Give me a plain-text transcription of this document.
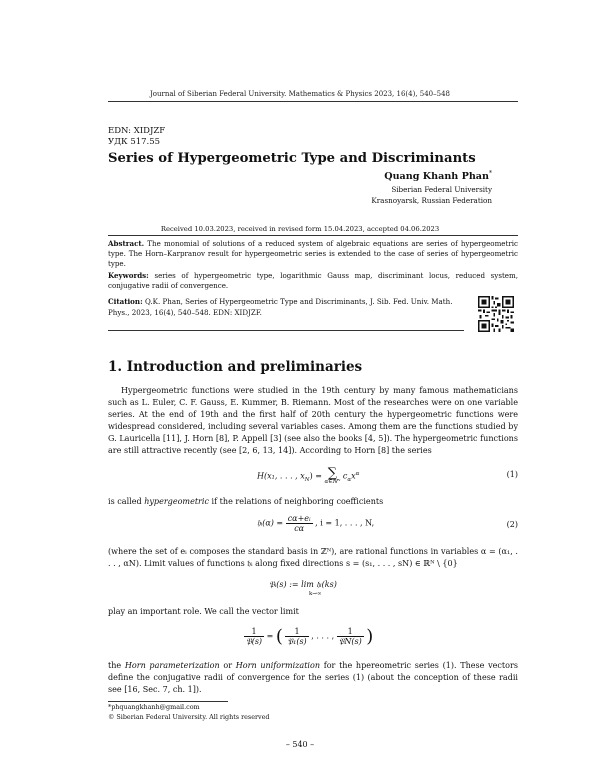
Journal of Siberian Federal University. Mathematics & Physics 2023, 16(4), 540–548
EDN: XIDJZF
УДК 517.55
Series of Hypergeometric Type and Discriminants
Quang Khanh Phan*
Siberian Federal University
Krasnoyarsk, Russian Federation
Received 10.03.2023, received in revised form 15.04.2023, accepted 04.06.2023
Abstract. The monomial of solutions of a reduced system of algebraic equations are series of hypergeometric type. The Horn–Karpranov result for hypergeometric series is extended to the case of series of hypergeometric type.
Keywords: series of hypergeometric type, logarithmic Gauss map, discriminant locus, reduced system, conjugative radii of convergence.
Citation: Q.K. Phan, Series of Hypergeometric Type and Discriminants, J. Sib. Fed. Univ. Math. Phys., 2023, 16(4), 540–548. EDN: XIDJZF.
1. Introduction and preliminaries

Hypergeometric functions were studied in the 19th century by many famous mathematicians such as L. Euler, C. F. Gauss, E. Kummer, B. Riemann. Most of the researches were on one variable series. At the end of 19th and the first half of 20th century the hypergeometric functions were widespread considered, including several variables cases. Among them are the functions studied by G. Lauricella [11], J. Horn [8], P. Appell [3] (see also the books [4, 5]). The hypergeometric functions are still attractive recently (see [2, 6, 13, 14]). According to Horn [8] the series

H(x₁, . . . , $x_N$) = ∑
α∈ℕᴺ
$c_\alpha x^\alpha$	(1)

is called hypergeometric if the relations of neighboring coefficients

𝔥ᵢ(α) = $\frac{\text{cα+eᵢ}}{c\alpha}$ , i = 1, . . . , N,	(2)

(where the set of eᵢ composes the standard basis in ℤᴺ), are rational functions in variables α = (α₁, . . . , αN). Limit values of functions 𝔥ᵢ along fixed directions s = (s₁, . . . , sN) ∈ ℝᴺ \ {0}

𝔓ᵢ(s) := lim 𝔥ᵢ(ks)
k→∞

play an important role. We call the vector limit

$\frac{1}{\text{𝔓(s)}}$ = ( $\frac{1}{\text{𝔓₁(s)}}$ , . . . , $\frac{1}{\text{𝔓N(s)}}$ )

the Horn parameterization or Horn uniformization for the hpereometric series (1). These vectors define the conjugative radii of convergence for the series (1) (about the conception of these radii see [16, Sec. 7, ch. 1]).

*phquangkhanh@gmail.com
© Siberian Federal University. All rights reserved
– 540 –
